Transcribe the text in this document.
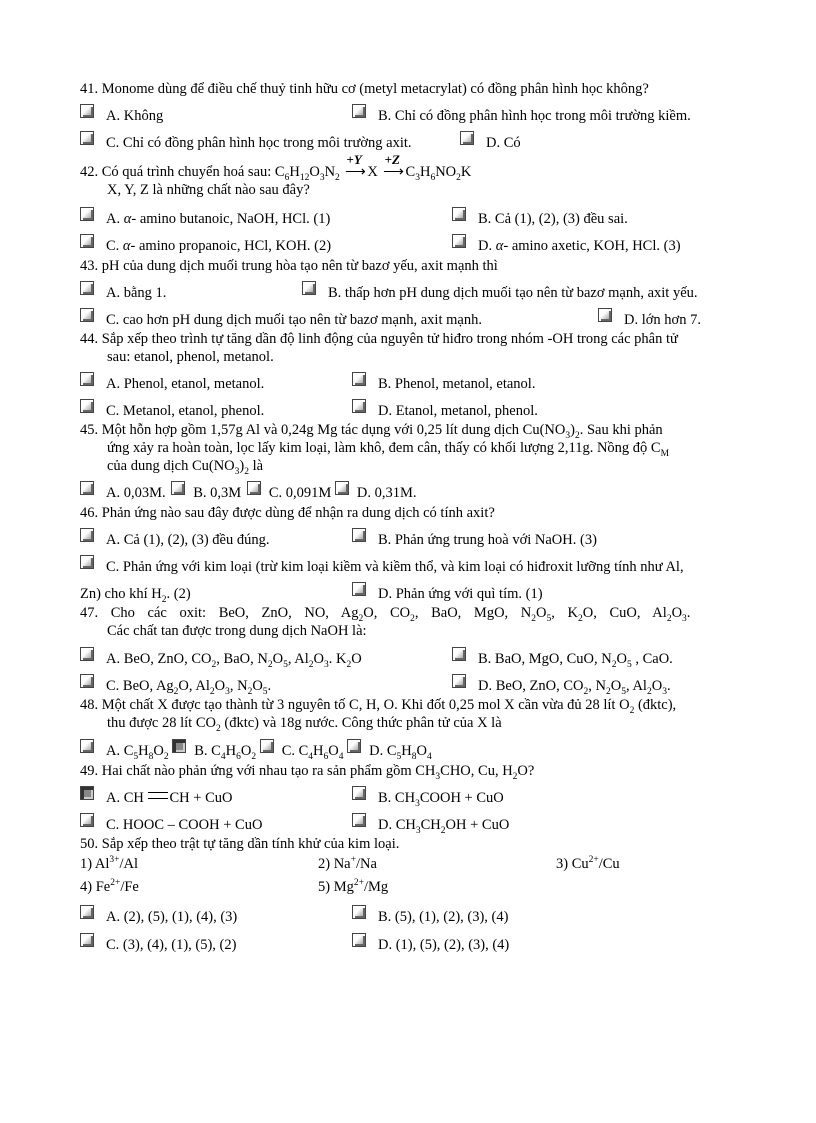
41. Monome dùng để điều chế thuỷ tinh hữu cơ (metyl metacrylat) có đồng phân hình học không?
A. Không	B. Chỉ có đồng phân hình học trong môi trường kiềm.
C. Chỉ có đồng phân hình học trong môi trường axit.	D. Có
42. Có quá trình chuyển hoá sau: $C_6H_{12}O_3N_2$
+Y
⟶ X
+Z
⟶ $C_3H_6NO_2K$
X, Y, Z là những chất nào sau đây?
A. α- amino butanoic, NaOH, HCl. (1)	B. Cả (1), (2), (3) đều sai.
C. α- amino propanoic, HCl, KOH. (2)	D. α- amino axetic, KOH, HCl. (3)
43. pH của dung dịch muối trung hòa tạo nên từ bazơ yếu, axit mạnh thì
A. bằng 1.	B. thấp hơn pH dung dịch muối tạo nên từ bazơ mạnh, axit yếu.
C. cao hơn pH dung dịch muối tạo nên từ bazơ mạnh, axit mạnh.	D. lớn hơn 7.
44. Sắp xếp theo trình tự tăng dần độ linh động của nguyên tử hiđro trong nhóm -OH trong các phân tử
sau: etanol, phenol, metanol.
A. Phenol, etanol, metanol.	B. Phenol, metanol, etanol.
C. Metanol, etanol, phenol.	D. Etanol, metanol, phenol.
45. Một hỗn hợp gồm 1,57g Al và 0,24g Mg tác dụng với 0,25 lít dung dịch $Cu(NO_3)_2$. Sau khi phản
ứng xảy ra hoàn toàn, lọc lấy kim loại, làm khô, đem cân, thấy có khối lượng 2,11g. Nồng độ $C_M$
của dung dịch $Cu(NO_3)_2$ là
A. 0,03M. B. 0,3M C. 0,091M D. 0,31M.
46. Phản ứng nào sau đây được dùng để nhận ra dung dịch có tính axit?
A. Cả (1), (2), (3) đều đúng.	B. Phản ứng trung hoà với NaOH. (3)
C. Phản ứng với kim loại (trừ kim loại kiềm và kiềm thổ, và kim loại có hiđroxit lưỡng tính như Al,
Zn) cho khí $H_2$. (2)	D. Phản ứng với quì tím. (1)
47. Cho các oxit: BeO, ZnO, NO, $Ag_2O$, $CO_2$, BaO, MgO, $N_2O_5$, $K_2O$, CuO, $Al_2O_3$.
Các chất tan được trong dung dịch NaOH là:
A. BeO, ZnO, $CO_2$, BaO, $N_2O_5$, $Al_2O_3$. $K_2O$	B. BaO, MgO, CuO, $N_2O_5$ , CaO.
C. BeO, $Ag_2O$, $Al_2O_3$, $N_2O_5$.	D. BeO, ZnO, $CO_2$, $N_2O_5$, $Al_2O_3$.
48. Một chất X được tạo thành từ 3 nguyên tố C, H, O. Khi đốt 0,25 mol X cần vừa đủ 28 lít $O_2$ (đktc),
thu được 28 lít $CO_2$ (đktc) và 18g nước. Công thức phân tử của X là
A. $C_5H_8O_2$ B. $C_4H_6O_2$ C. $C_4H_6O_4$ D. $C_5H_8O_4$
49. Hai chất nào phản ứng với nhau tạo ra sản phẩm gồm $CH_3CHO$, Cu, $H_2O$?
A. CH CH + CuO	B. $CH_3COOH$ + CuO
C. HOOC – COOH + CuO	D. $CH_3CH_2OH$ + CuO
50. Sắp xếp theo trật tự tăng dần tính khử của kim loại.
1) $Al^{3+}/Al$	2) Na+/Na	3) $Cu^{2+}/Cu$
4) $Fe^{2+}/Fe$	5) $Mg^{2+}/Mg$
A. (2), (5), (1), (4), (3)	B. (5), (1), (2), (3), (4)
C. (3), (4), (1), (5), (2)	D. (1), (5), (2), (3), (4)
